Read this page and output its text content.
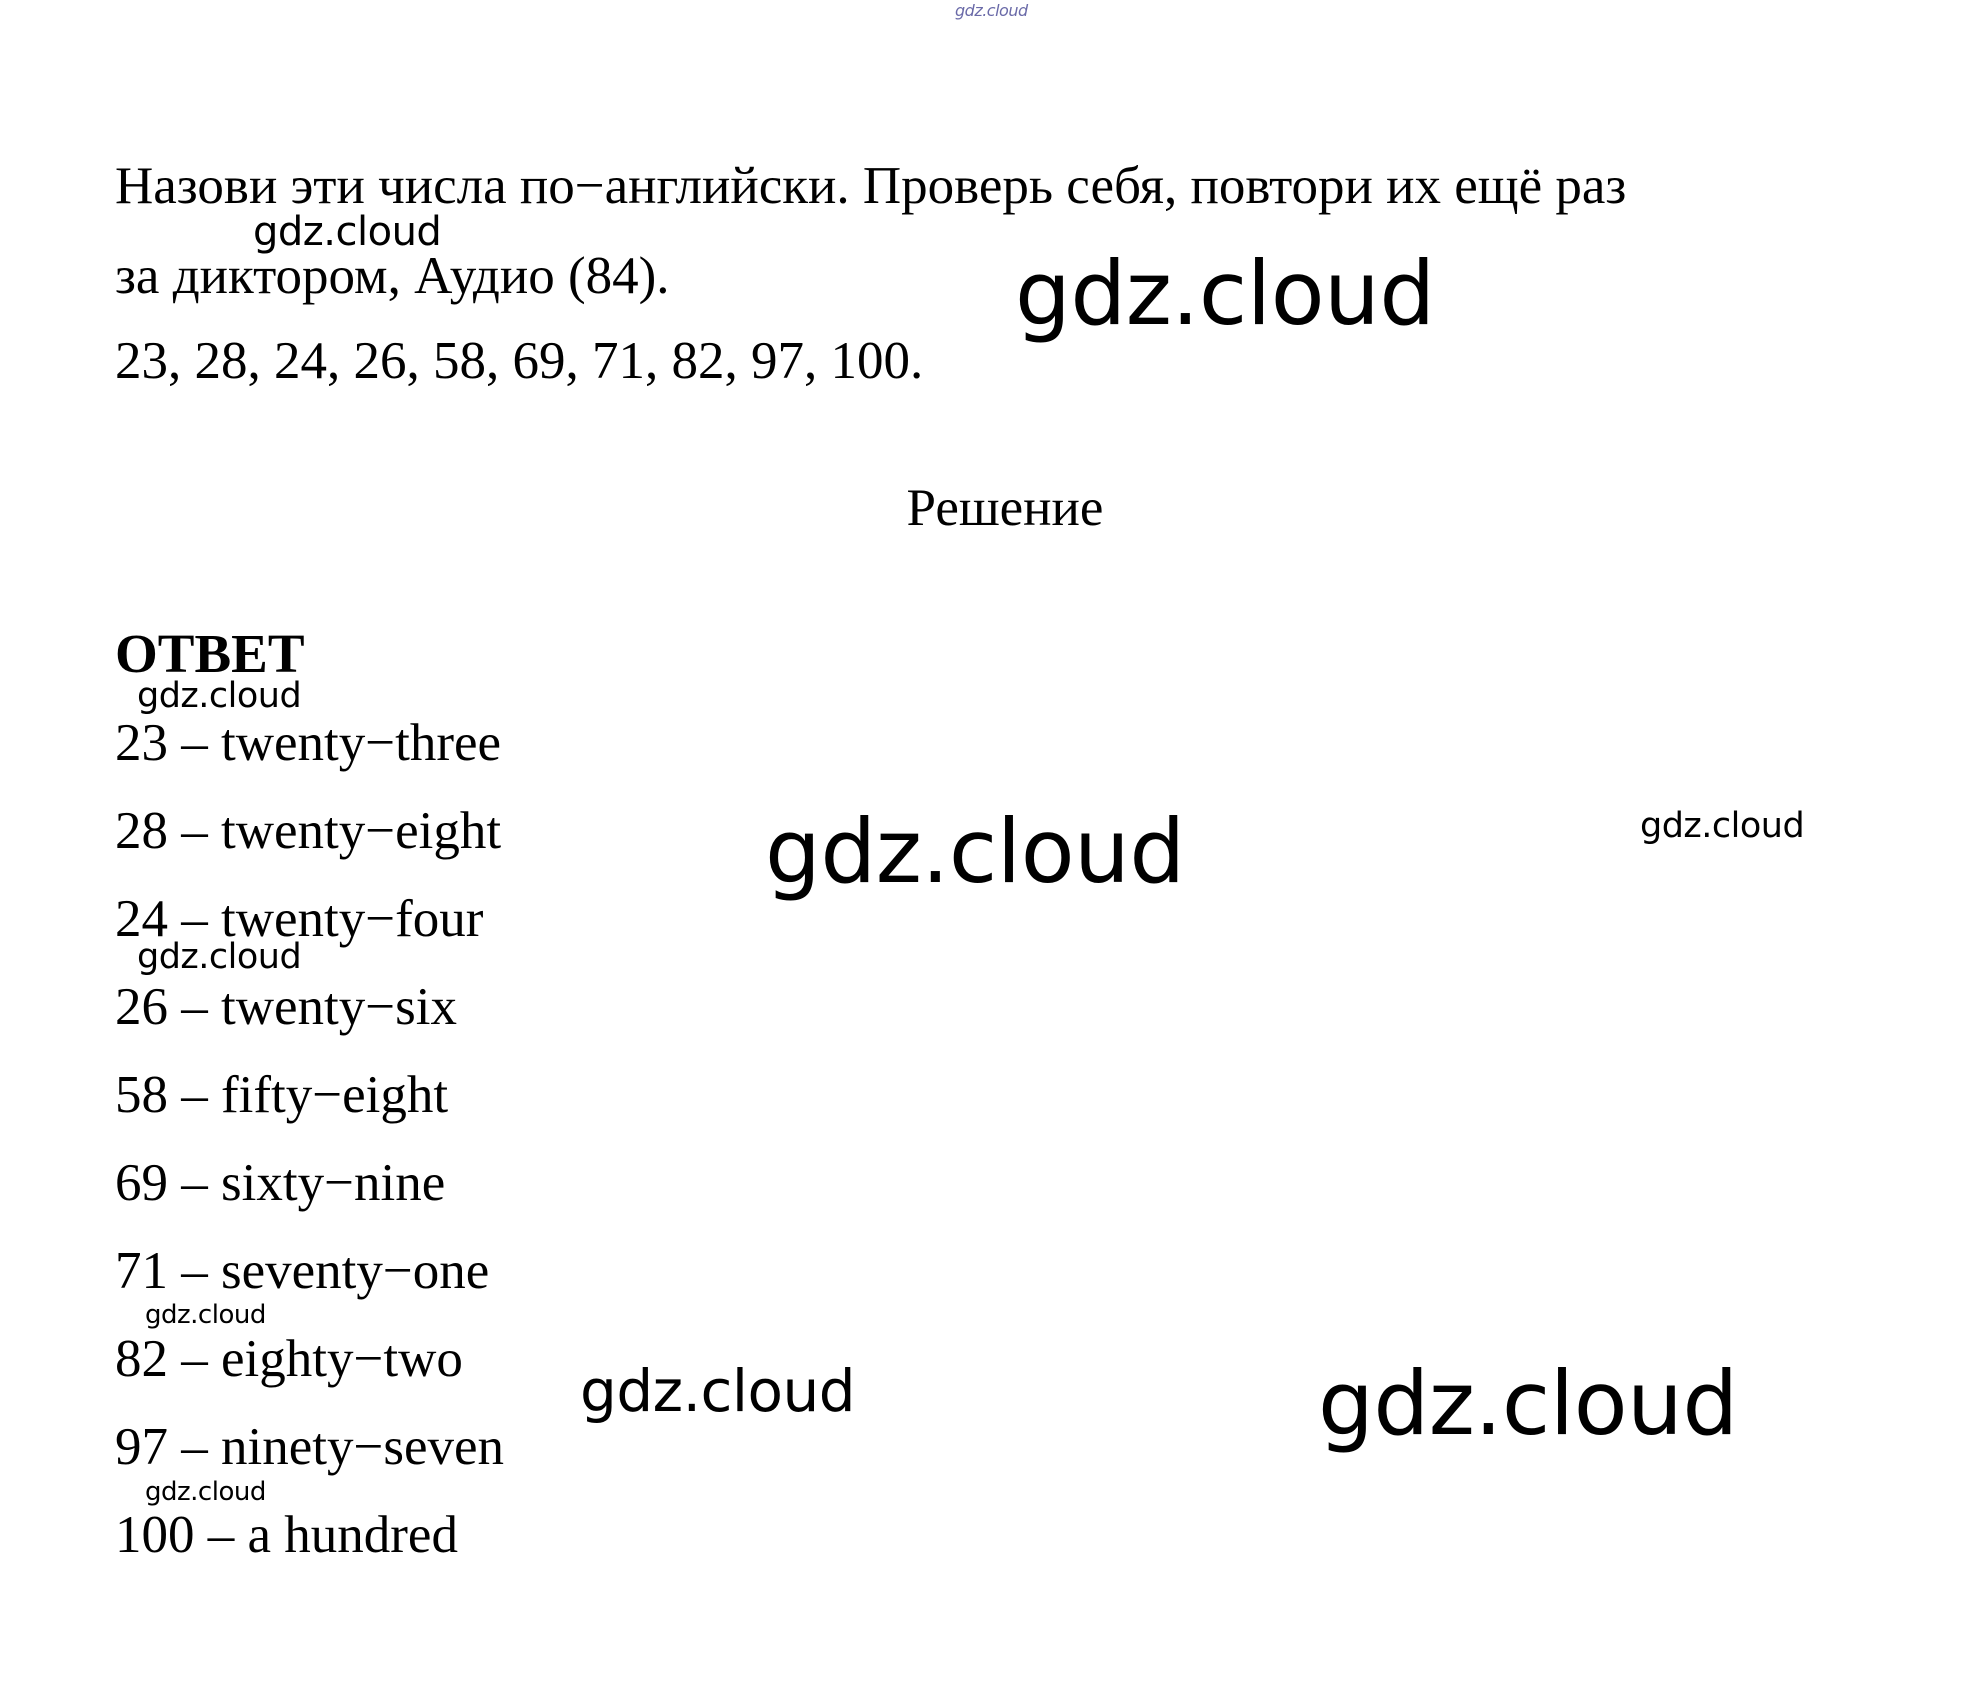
gdz.cloud
Назови эти числа по−английски. Проверь себя, повтори их ещё раз
за диктором, Аудио (84).
23, 28, 24, 26, 58, 69, 71, 82, 97, 100.
Решение
ОТВЕТ
23 – twenty−three
28 – twenty−eight
24 – twenty−four
26 – twenty−six
58 – fifty−eight
69 – sixty−nine
71 – seventy−one
82 – eighty−two
97 – ninety−seven
100 – a hundred
gdz.cloud
gdz.cloud
gdz.cloud
gdz.cloud	gdz.cloud
gdz.cloud
gdz.cloud
gdz.cloud	gdz.cloud
gdz.cloud
